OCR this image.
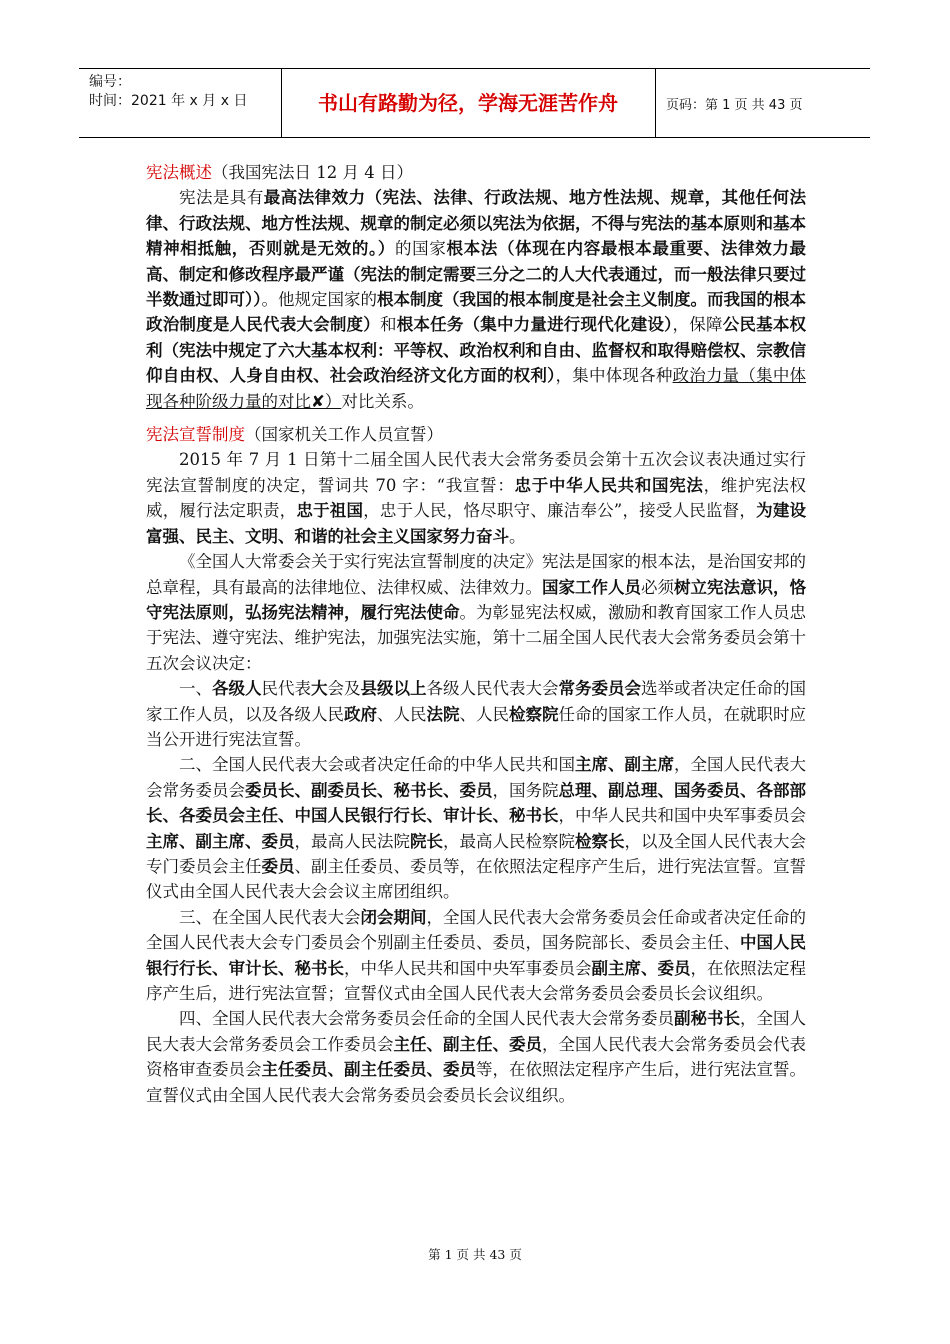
编号：
时间：2021 年 x 月 x 日	书山有路勤为径，学海无涯苦作舟	页码：第 1 页 共 43 页

宪法概述（我国宪法日 12 月 4 日）

宪法是具有最高法律效力（宪法、法律、行政法规、地方性法规、规章，其他任何法律、行政法规、地方性法规、规章的制定必须以宪法为依据，不得与宪法的基本原则和基本精神相抵触，否则就是无效的。）的国家根本法（体现在内容最根本最重要、法律效力最高、制定和修改程序最严谨（宪法的制定需要三分之二的人大代表通过，而一般法律只要过半数通过即可））。他规定国家的根本制度（我国的根本制度是社会主义制度。而我国的根本政治制度是人民代表大会制度）和根本任务（集中力量进行现代化建设），保障公民基本权利（宪法中规定了六大基本权利：平等权、政治权利和自由、监督权和取得赔偿权、宗教信仰自由权、人身自由权、社会政治经济文化方面的权利），集中体现各种政治力量（集中体现各种阶级力量的对比✘）对比关系。

宪法宣誓制度（国家机关工作人员宣誓）

2015 年 7 月 1 日第十二届全国人民代表大会常务委员会第十五次会议表决通过实行宪法宣誓制度的决定，誓词共 70 字：“我宣誓：忠于中华人民共和国宪法，维护宪法权威，履行法定职责，忠于祖国，忠于人民，恪尽职守、廉洁奉公”，接受人民监督，为建设富强、民主、文明、和谐的社会主义国家努力奋斗。

《全国人大常委会关于实行宪法宣誓制度的决定》宪法是国家的根本法，是治国安邦的总章程，具有最高的法律地位、法律权威、法律效力。国家工作人员必须树立宪法意识，恪守宪法原则，弘扬宪法精神，履行宪法使命。为彰显宪法权威，激励和教育国家工作人员忠于宪法、遵守宪法、维护宪法，加强宪法实施，第十二届全国人民代表大会常务委员会第十五次会议决定：

一、各级人民代表大会及县级以上各级人民代表大会常务委员会选举或者决定任命的国家工作人员，以及各级人民政府、人民法院、人民检察院任命的国家工作人员，在就职时应当公开进行宪法宣誓。

二、全国人民代表大会或者决定任命的中华人民共和国主席、副主席，全国人民代表大会常务委员会委员长、副委员长、秘书长、委员，国务院总理、副总理、国务委员、各部部长、各委员会主任、中国人民银行行长、审计长、秘书长，中华人民共和国中央军事委员会主席、副主席、委员，最高人民法院院长，最高人民检察院检察长，以及全国人民代表大会专门委员会主任委员、副主任委员、委员等，在依照法定程序产生后，进行宪法宣誓。宣誓仪式由全国人民代表大会会议主席团组织。

三、在全国人民代表大会闭会期间，全国人民代表大会常务委员会任命或者决定任命的全国人民代表大会专门委员会个别副主任委员、委员，国务院部长、委员会主任、中国人民银行行长、审计长、秘书长，中华人民共和国中央军事委员会副主席、委员，在依照法定程序产生后，进行宪法宣誓；宣誓仪式由全国人民代表大会常务委员会委员长会议组织。

四、全国人民代表大会常务委员会任命的全国人民代表大会常务委员副秘书长，全国人民大表大会常务委员会工作委员会主任、副主任、委员，全国人民代表大会常务委员会代表资格审查委员会主任委员、副主任委员、委员等，在依照法定程序产生后，进行宪法宣誓。宣誓仪式由全国人民代表大会常务委员会委员长会议组织。

第 1 页 共 43 页
